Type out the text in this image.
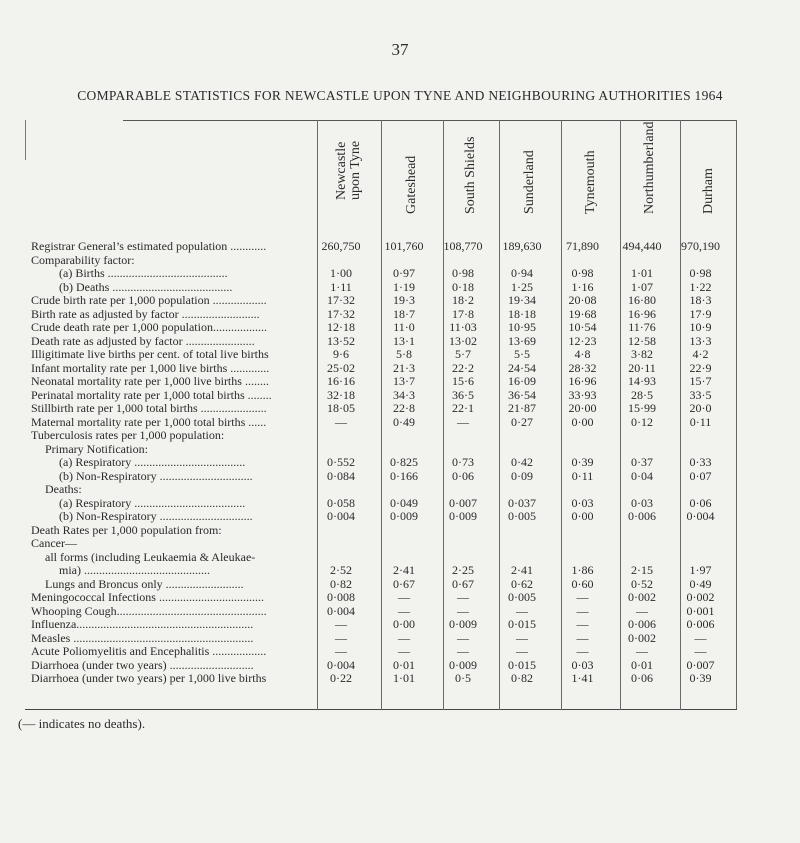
37
COMPARABLE STATISTICS FOR NEWCASTLE UPON TYNE AND NEIGHBOURING AUTHORITIES 1964
Newcastle
upon Tyne
Gateshead	South Shields	Sunderland	Tynemouth	Northumberland	Durham
Registrar General’s estimated population ............	260,750	101,760	108,770	189,630	71,890	494,440	970,190
Comparability factor:
(a) Births ........................................	1·00	0·97	0·98	0·94	0·98	1·01	0·98
(b) Deaths ........................................	1·11	1·19	0·18	1·25	1·16	1·07	1·22
Crude birth rate per 1,000 population ..................	17·32	19·3	18·2	19·34	20·08	16·80	18·3
Birth rate as adjusted by factor ..........................	17·32	18·7	17·8	18·18	19·68	16·96	17·9
Crude death rate per 1,000 population..................	12·18	11·0	11·03	10·95	10·54	11·76	10·9
Death rate as adjusted by factor .......................	13·52	13·1	13·02	13·69	12·23	12·58	13·3
Illigitimate live births per cent. of total live births	9·6	5·8	5·7	5·5	4·8	3·82	4·2
Infant mortality rate per 1,000 live births .............	25·02	21·3	22·2	24·54	28·32	20·11	22·9
Neonatal mortality rate per 1,000 live births ........	16·16	13·7	15·6	16·09	16·96	14·93	15·7
Perinatal mortality rate per 1,000 total births ........	32·18	34·3	36·5	36·54	33·93	28·5	33·5
Stillbirth rate per 1,000 total births ......................	18·05	22·8	22·1	21·87	20·00	15·99	20·0
Maternal mortality rate per 1,000 total births ......	—	0·49	—	0·27	0·00	0·12	0·11
Tuberculosis rates per 1,000 population:
Primary Notification:
(a) Respiratory .....................................	0·552	0·825	0·73	0·42	0·39	0·37	0·33
(b) Non-Respiratory ...............................	0·084	0·166	0·06	0·09	0·11	0·04	0·07
Deaths:
(a) Respiratory .....................................	0·058	0·049	0·007	0·037	0·03	0·03	0·06
(b) Non-Respiratory ...............................	0·004	0·009	0·009	0·005	0·00	0·006	0·004
Death Rates per 1,000 population from:
Cancer—
all forms (including Leukaemia & Aleukae-
mia) ..........................................	2·52	2·41	2·25	2·41	1·86	2·15	1·97
Lungs and Broncus only ..........................	0·82	0·67	0·67	0·62	0·60	0·52	0·49
Meningococcal Infections ...................................	0·008	—	—	0·005	—	0·002	0·002
Whooping Cough..................................................	0·004	—	—	—	—	—	0·001
Influenza...........................................................	—	0·00	0·009	0·015	—	0·006	0·006
Measles ............................................................	—	—	—	—	—	0·002	—
Acute Poliomyelitis and Encephalitis ..................	—	—	—	—	—	—	—
Diarrhoea (under two years) ............................	0·004	0·01	0·009	0·015	0·03	0·01	0·007
Diarrhoea (under two years) per 1,000 live births	0·22	1·01	0·5	0·82	1·41	0·06	0·39
(— indicates no deaths).
